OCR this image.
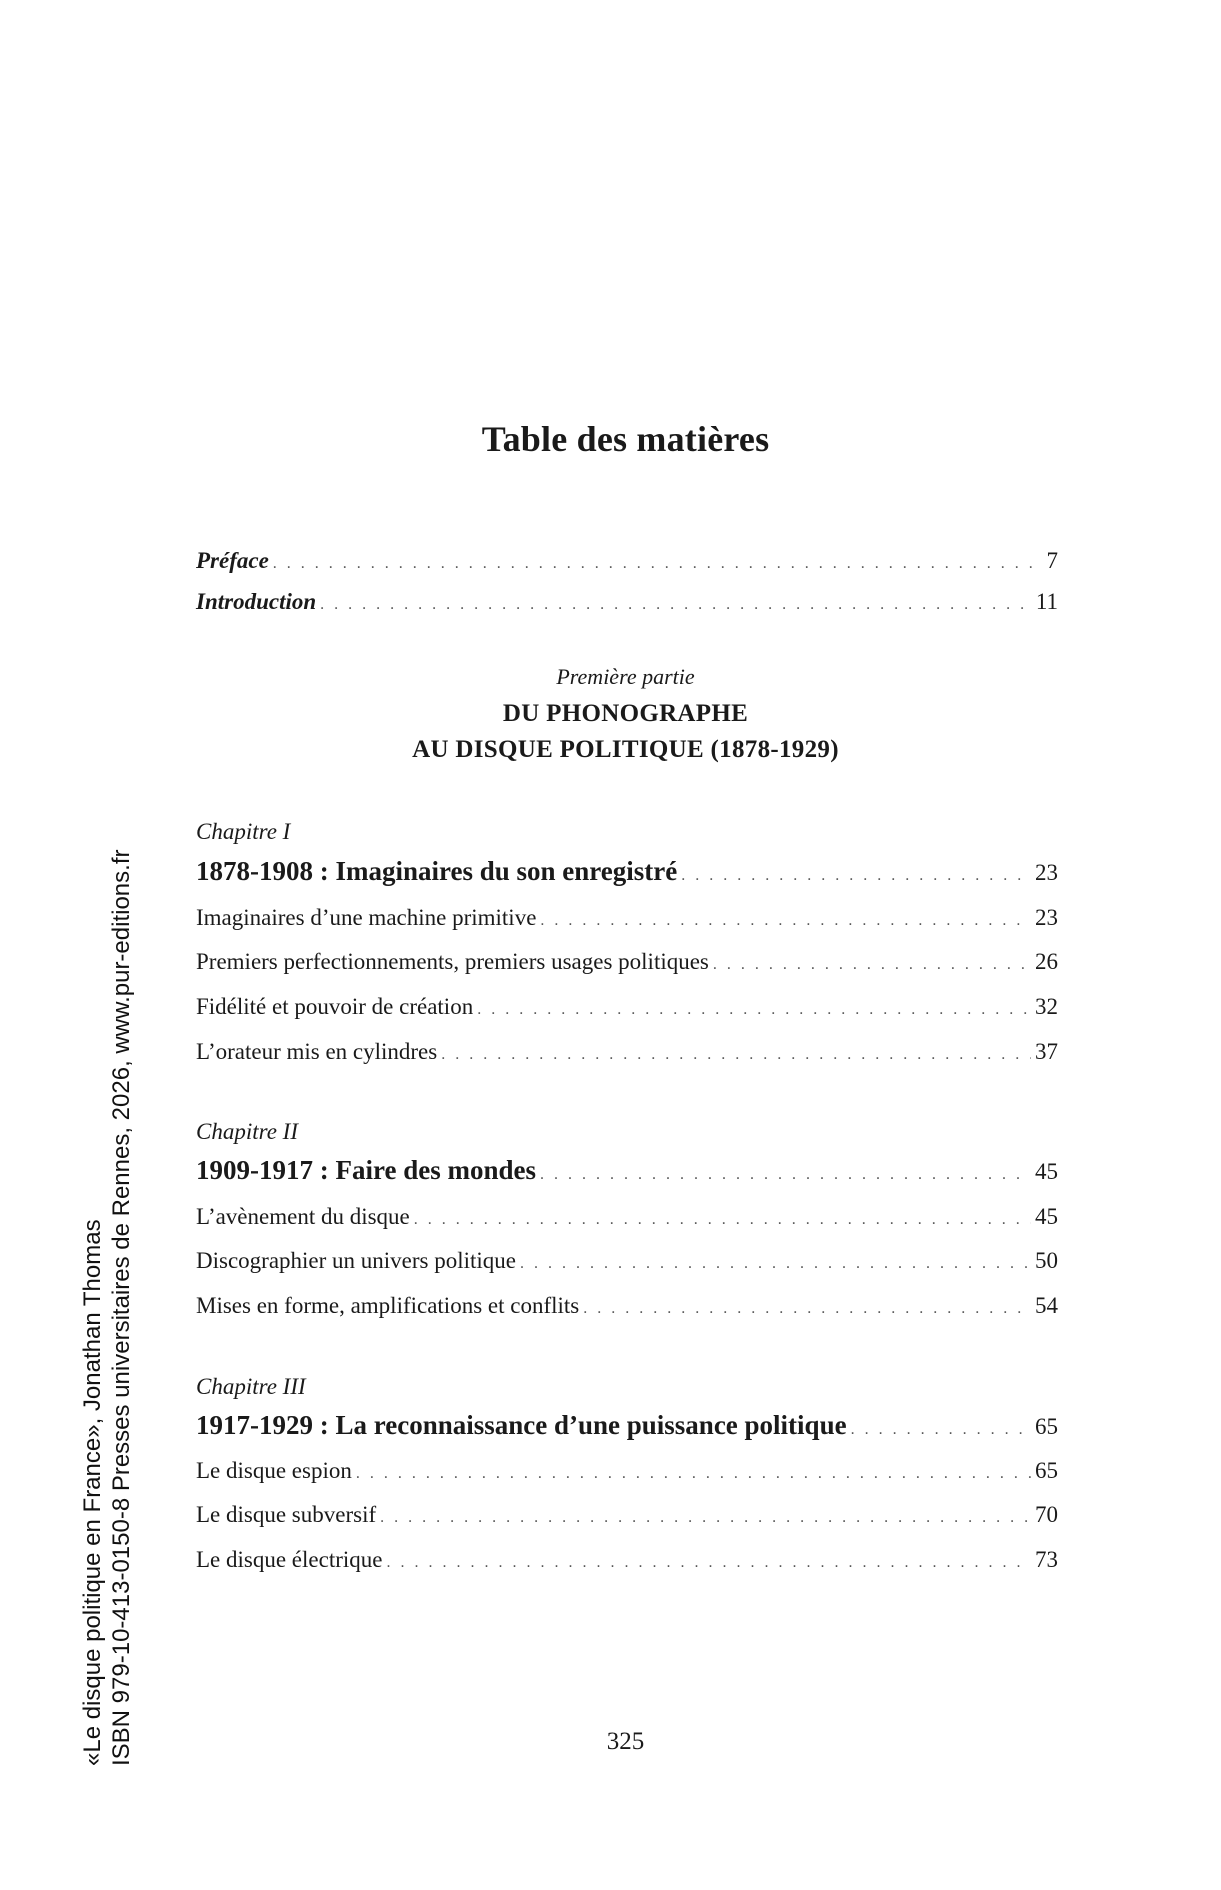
Table des matières
Préface . . .	7
Introduction . . .	11
Chapitre I
1878-1908 : Imaginaires du son enregistré . . .	23
Imaginaires d’une machine primitive . . .	23
Premiers perfectionnements, premiers usages politiques . . .	26
Fidélité et pouvoir de création . . .	32
L’orateur mis en cylindres . . .	37
Chapitre II
1909-1917 : Faire des mondes . . .	45
L’avènement du disque . . .	45
Discographier un univers politique . . .	50
Mises en forme, amplifications et conflits . . .	54
Chapitre III
1917-1929 : La reconnaissance d’une puissance politique . . .	65
Le disque espion . . .	65
Le disque subversif . . .	70
Le disque électrique . . .	73
Première partie
DU PHONOGRAPHE
AU DISQUE POLITIQUE (1878-1929)
325
«Le disque politique en France», Jonathan Thomas ISBN 979-10-413-0150-8 Presses universitaires de Rennes, 2026, www.pur-editions.fr
